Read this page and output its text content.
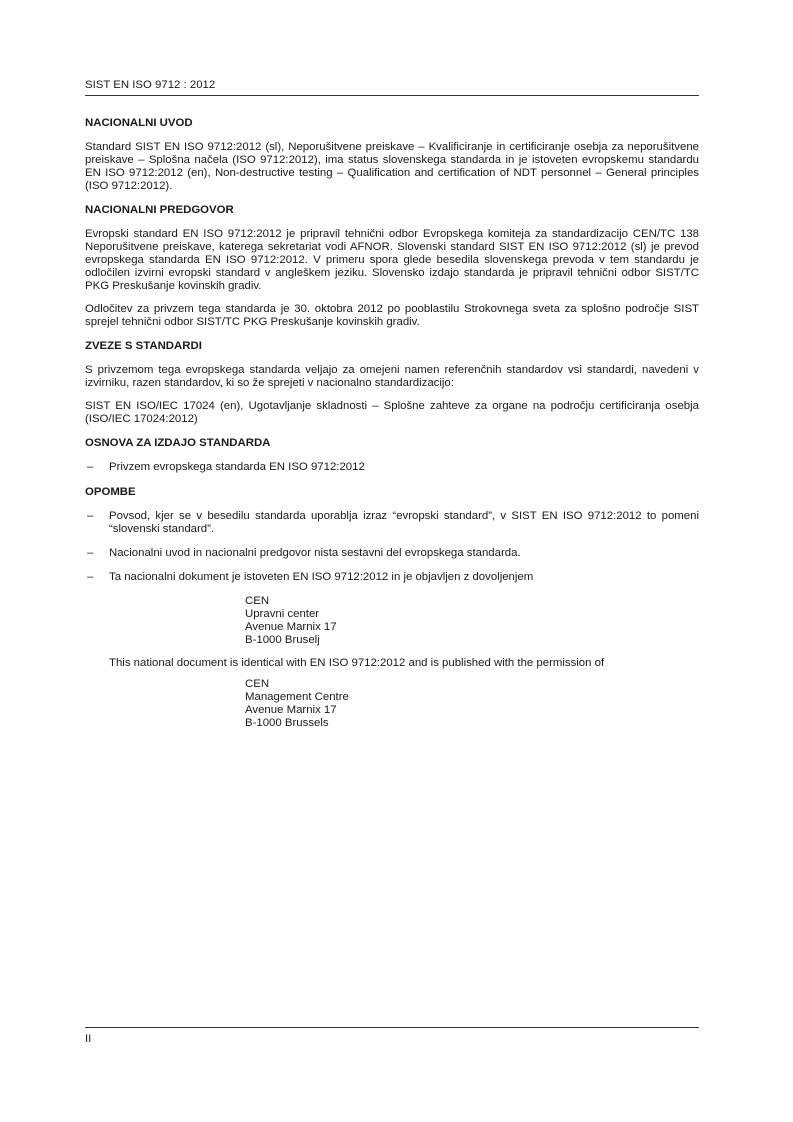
SIST EN ISO 9712 : 2012
NACIONALNI UVOD

Standard SIST EN ISO 9712:2012 (sl), Neporušitvene preiskave – Kvalificiranje in certificiranje osebja za neporušitvene preiskave – Splošna načela (ISO 9712:2012), ima status slovenskega standarda in je istoveten evropskemu standardu EN ISO 9712:2012 (en), Non-destructive testing – Qualification and certification of NDT personnel – General principles (ISO 9712:2012).

NACIONALNI PREDGOVOR

Evropski standard EN ISO 9712:2012 je pripravil tehnični odbor Evropskega komiteja za standardizacijo CEN/TC 138 Neporušitvene preiskave, katerega sekretariat vodi AFNOR. Slovenski standard SIST EN ISO 9712:2012 (sl) je prevod evropskega standarda EN ISO 9712:2012. V primeru spora glede besedila slovenskega prevoda v tem standardu je odločilen izvirni evropski standard v angleškem jeziku. Slovensko izdajo standarda je pripravil tehnični odbor SIST/TC PKG Preskušanje kovinskih gradiv.

Odločitev za privzem tega standarda je 30. oktobra 2012 po pooblastilu Strokovnega sveta za splošno področje SIST sprejel tehnični odbor SIST/TC PKG Preskušanje kovinskih gradiv.

ZVEZE S STANDARDI

S privzemom tega evropskega standarda veljajo za omejeni namen referenčnih standardov vsi standardi, navedeni v izvirniku, razen standardov, ki so že sprejeti v nacionalno standardizacijo:

SIST EN ISO/IEC 17024 (en), Ugotavljanje skladnosti – Splošne zahteve za organe na področju certificiranja osebja (ISO/IEC 17024:2012)

OSNOVA ZA IZDAJO STANDARDA
– Privzem evropskega standarda EN ISO 9712:2012
OPOMBE
– Povsod, kjer se v besedilu standarda uporablja izraz “evropski standard”, v SIST EN ISO 9712:2012 to pomeni “slovenski standard”.
– Nacionalni uvod in nacionalni predgovor nista sestavni del evropskega standarda.
– Ta nacionalni dokument je istoveten EN ISO 9712:2012 in je objavljen z dovoljenjem
CEN
Upravni center
Avenue Marnix 17
B-1000 Bruselj
This national document is identical with EN ISO 9712:2012 and is published with the permission of
CEN
Management Centre
Avenue Marnix 17
B-1000 Brussels
II
